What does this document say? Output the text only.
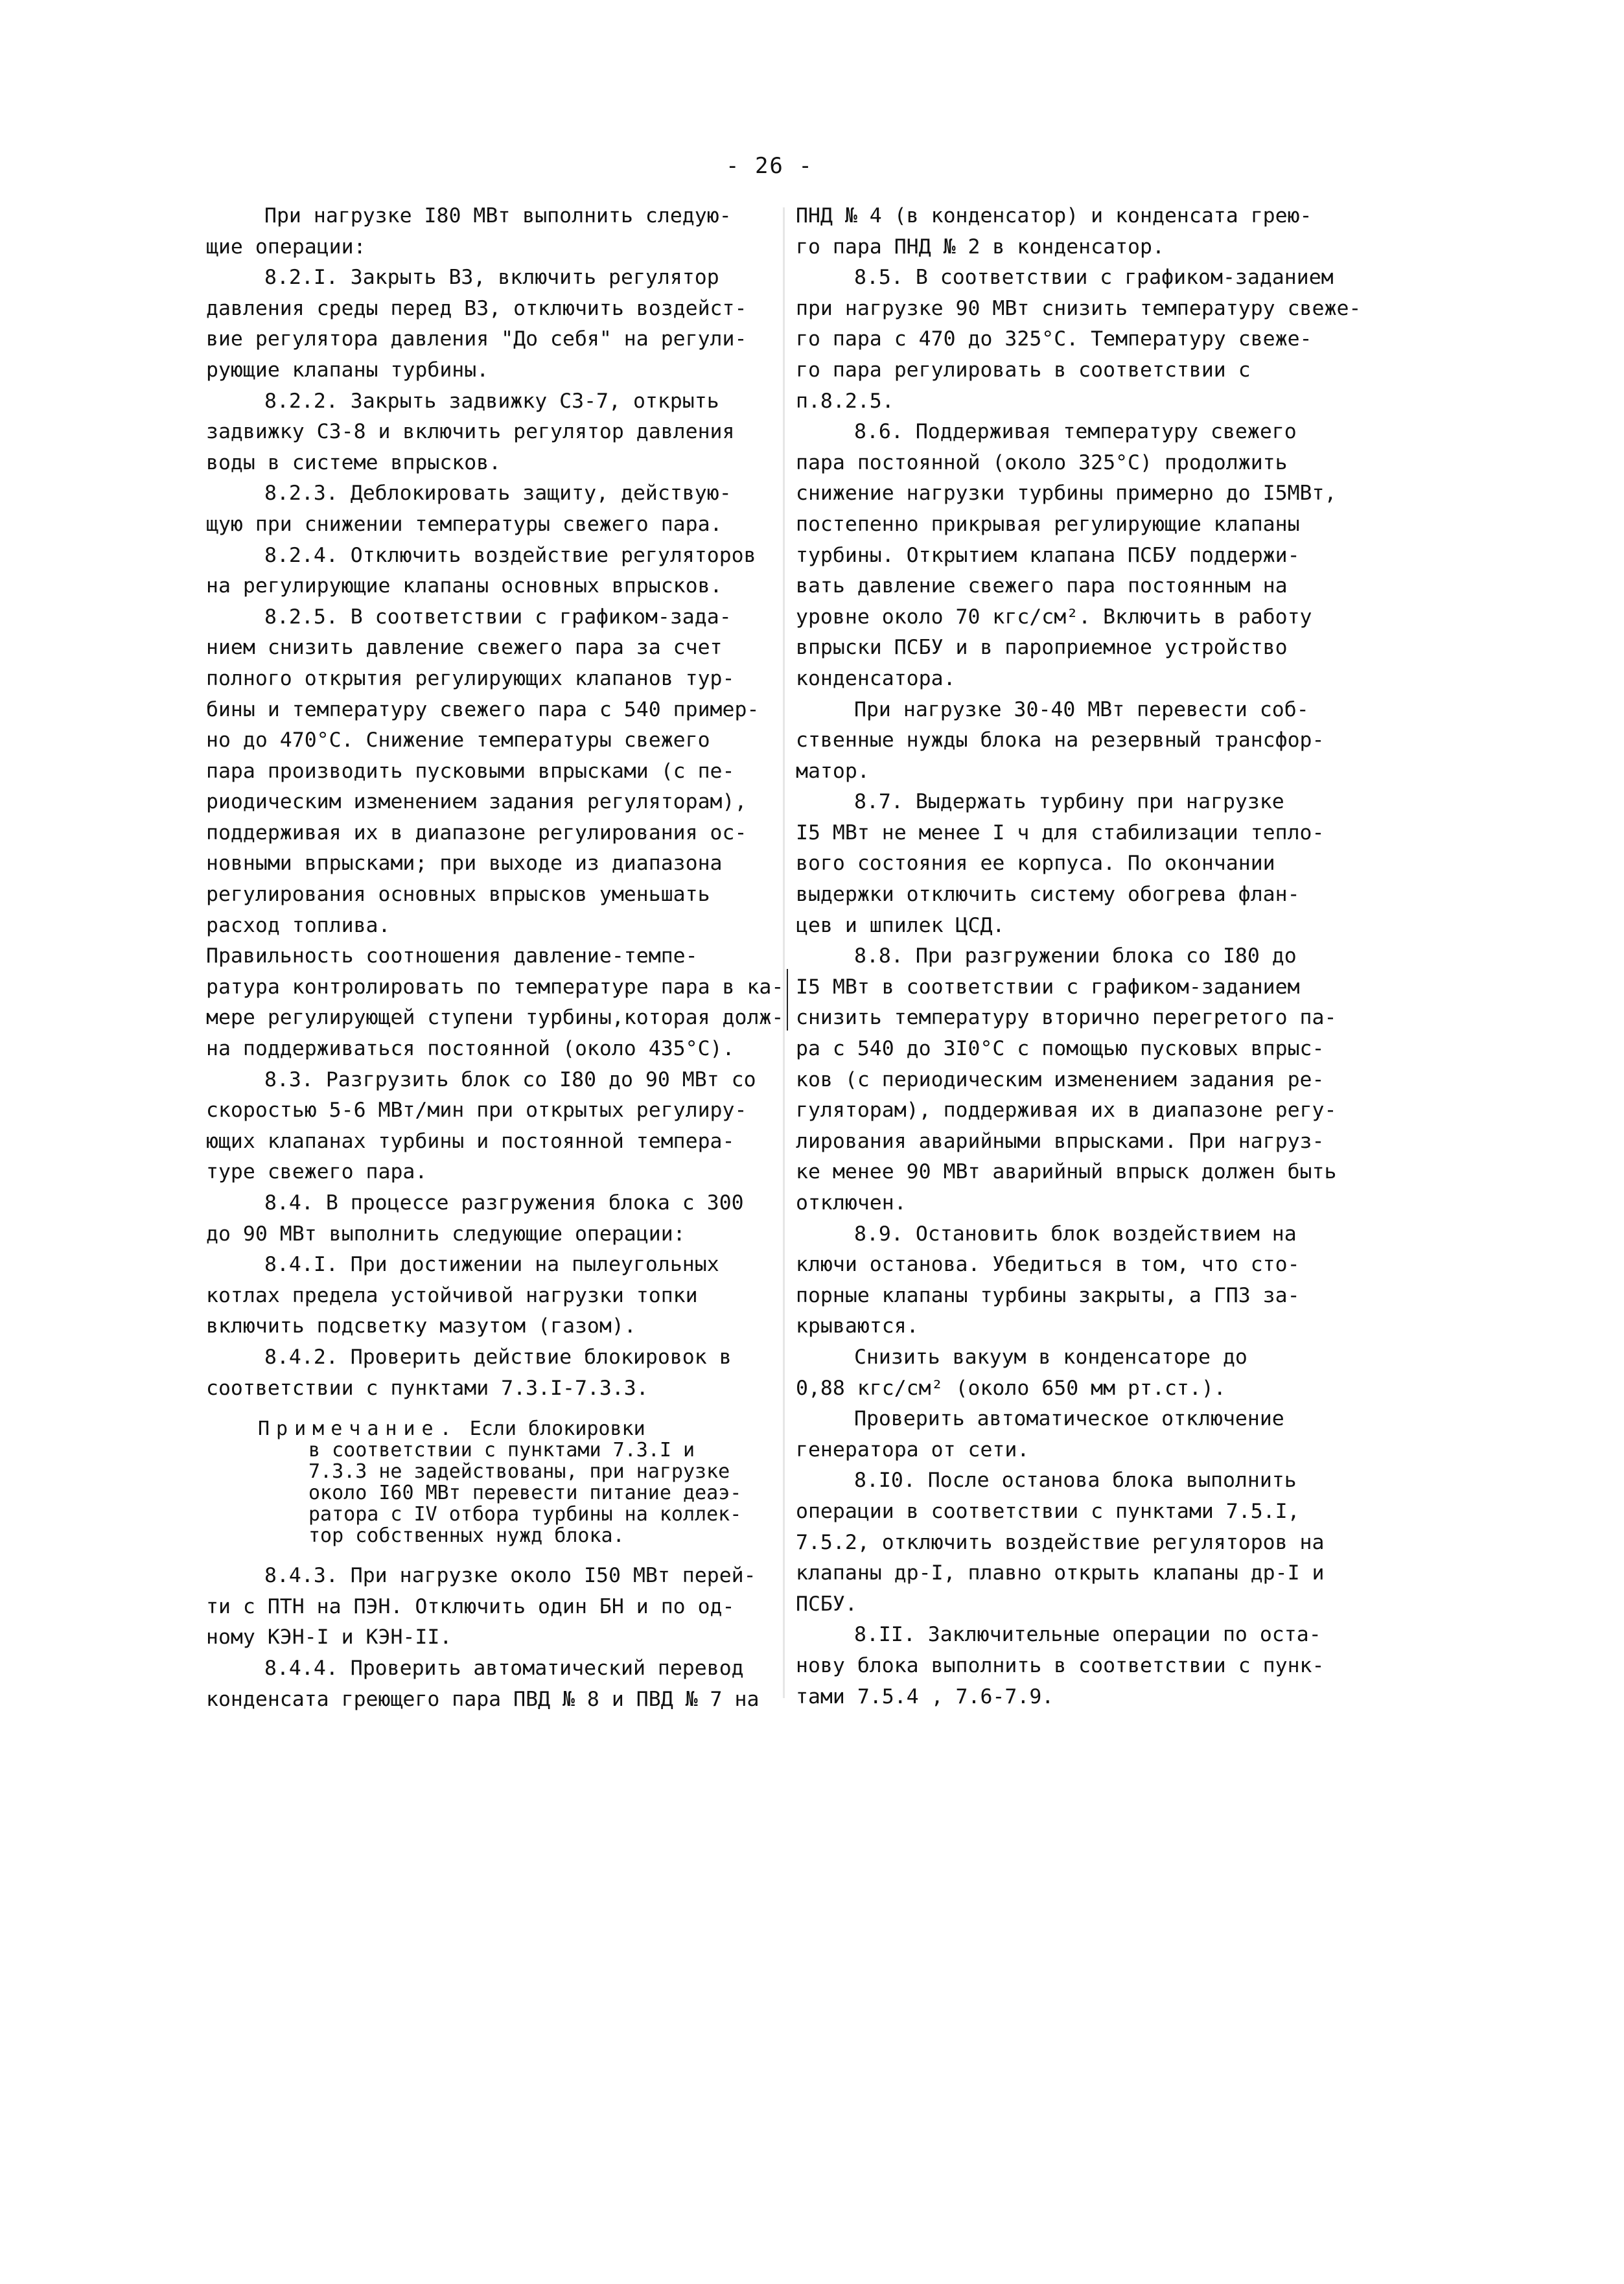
- 26 -
При нагрузке I80 МВт выполнить следую-
щие операции:
8.2.I. Закрыть ВЗ, включить регулятор
давления среды перед ВЗ, отключить воздейст-
вие регулятора давления "До себя" на регули-
рующие клапаны турбины.
8.2.2. Закрыть задвижку СЗ-7, открыть
задвижку СЗ-8 и включить регулятор давления
воды в системе впрысков.
8.2.3. Деблокировать защиту, действую-
щую при снижении температуры свежего пара.
8.2.4. Отключить воздействие регуляторов
на регулирующие клапаны основных впрысков.
8.2.5. В соответствии с графиком-зада-
нием снизить давление свежего пара за счет
полного открытия регулирующих клапанов тур-
бины и температуру свежего пара с 540 пример-
но до 470°С. Снижение температуры свежего
пара производить пусковыми впрысками (с пе-
риодическим изменением задания регуляторам),
поддерживая их в диапазоне регулирования ос-
новными впрысками; при выходе из диапазона
регулирования основных впрысков уменьшать
расход топлива.
Правильность соотношения давление-темпе-
ратура контролировать по температуре пара в ка-
мере регулирующей ступени турбины,которая долж-
на поддерживаться постоянной (около 435°С).
8.3. Разгрузить блок со I80 до 90 МВт со
скоростью 5-6 МВт/мин при открытых регулиру-
ющих клапанах турбины и постоянной темпера-
туре свежего пара.
8.4. В процессе разгружения блока с 300
до 90 МВт выполнить следующие операции:
8.4.I. При достижении на пылеугольных
котлах предела устойчивой нагрузки топки
включить подсветку мазутом (газом).
8.4.2. Проверить действие блокировок в
соответствии с пунктами 7.3.I-7.3.3.
Примечание. Если блокировки
в соответствии с пунктами 7.3.I и
7.3.3 не задействованы, при нагрузке
около I60 МВт перевести питание деаэ-
ратора с IV отбора турбины на коллек-
тор собственных нужд блока.
8.4.3. При нагрузке около I50 МВт перей-
ти с ПТН на ПЭН. Отключить один БН и по од-
ному КЭН-I и КЭН-II.
8.4.4. Проверить автоматический перевод
конденсата греющего пара ПВД № 8 и ПВД № 7 на
ПНД № 4 (в конденсатор) и конденсата грею-
го пара ПНД № 2 в конденсатор.
8.5. В соответствии с графиком-заданием
при нагрузке 90 МВт снизить температуру свеже-
го пара с 470 до 325°С. Температуру свеже-
го пара регулировать в соответствии с
п.8.2.5.
8.6. Поддерживая температуру свежего
пара постоянной (около 325°С) продолжить
снижение нагрузки турбины примерно до I5МВт,
постепенно прикрывая регулирующие клапаны
турбины. Открытием клапана ПСБУ поддержи-
вать давление свежего пара постоянным на
уровне около 70 кгс/см². Включить в работу
впрыски ПСБУ и в пароприемное устройство
конденсатора.
При нагрузке 30-40 МВт перевести соб-
ственные нужды блока на резервный трансфор-
матор.
8.7. Выдержать турбину при нагрузке
I5 МВт не менее I ч для стабилизации тепло-
вого состояния ее корпуса. По окончании
выдержки отключить систему обогрева флан-
цев и шпилек ЦСД.
8.8. При разгружении блока со I80 до
I5 МВт в соответствии с графиком-заданием
снизить температуру вторично перегретого па-
ра с 540 до 3I0°С с помощью пусковых впрыс-
ков (с периодическим изменением задания ре-
гуляторам), поддерживая их в диапазоне регу-
лирования аварийными впрысками. При нагруз-
ке менее 90 МВт аварийный впрыск должен быть
отключен.
8.9. Остановить блок воздействием на
ключи останова. Убедиться в том, что сто-
порные клапаны турбины закрыты, а ГПЗ за-
крываются.
Снизить вакуум в конденсаторе до
0,88 кгс/см² (около 650 мм рт.ст.).
Проверить автоматическое отключение
генератора от сети.
8.I0. После останова блока выполнить
операции в соответствии с пунктами 7.5.I,
7.5.2, отключить воздействие регуляторов на
клапаны др-I, плавно открыть клапаны др-I и
ПСБУ.
8.II. Заключительные операции по оста-
нову блока выполнить в соответствии с пунк-
тами 7.5.4 , 7.6-7.9.
